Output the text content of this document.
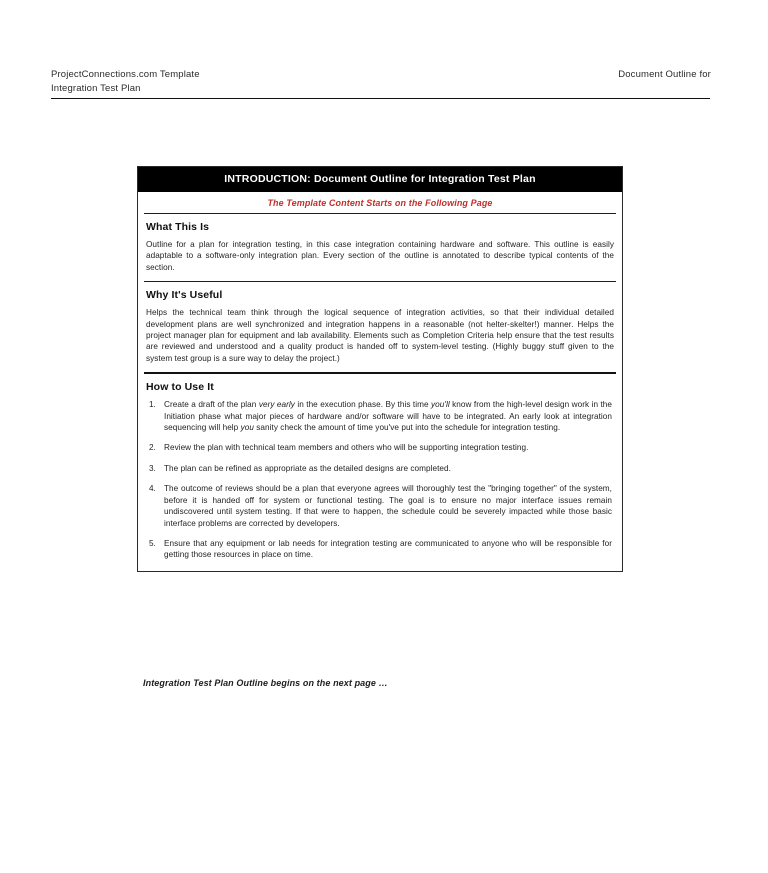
ProjectConnections.com Template
Integration Test Plan
Document Outline for
INTRODUCTION: Document Outline for Integration Test Plan
The Template Content Starts on the Following Page
What This Is

Outline for a plan for integration testing, in this case integration containing hardware and software. This outline is easily adaptable to a software-only integration plan. Every section of the outline is annotated to describe typical contents of the section.

Why It's Useful

Helps the technical team think through the logical sequence of integration activities, so that their individual detailed development plans are well synchronized and integration happens in a reasonable (not helter-skelter!) manner. Helps the project manager plan for equipment and lab availability. Elements such as Completion Criteria help ensure that the test results are reviewed and understood and a quality product is handed off to system-level testing. (Highly buggy stuff given to the system test group is a sure way to delay the project.)

How to Use It
1. Create a draft of the plan very early in the execution phase. By this time you'll know from the high-level design work in the Initiation phase what major pieces of hardware and/or software will have to be integrated. An early look at integration sequencing will help you sanity check the amount of time you've put into the schedule for integration testing.
2. Review the plan with technical team members and others who will be supporting integration testing.
3. The plan can be refined as appropriate as the detailed designs are completed.
4. The outcome of reviews should be a plan that everyone agrees will thoroughly test the "bringing together" of the system, before it is handed off for system or functional testing. The goal is to ensure no major interface issues remain undiscovered until system testing. If that were to happen, the schedule could be severely impacted while those basic interface problems are corrected by developers.
5. Ensure that any equipment or lab needs for integration testing are communicated to anyone who will be responsible for getting those resources in place on time.
Integration Test Plan Outline begins on the next page …
